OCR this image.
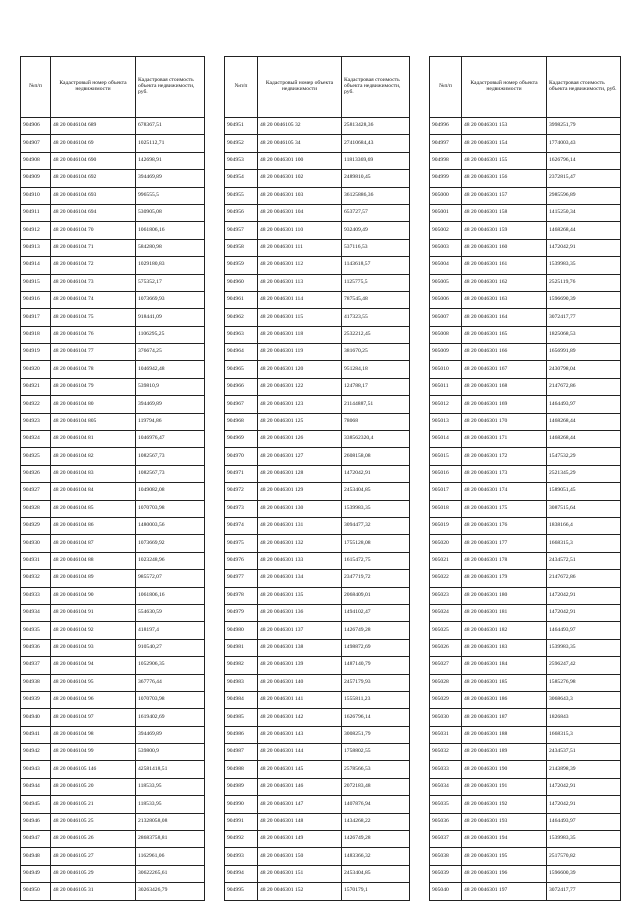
№п/п	Кадастровый номер объекта недвижимости	Кадастровая стоимость объекта недвижимости, руб.
904906	48 20 0046104 689	678367,51
904907	48 20 0046104 69	1025112,71
904908	48 20 0046104 690	142698,91
904909	48 20 0046104 692	394469,89
904910	48 20 0046104 693	996555,5
904911	48 20 0046104 694	530905,08
904912	48 20 0046104 70	1061806,16
904913	48 20 0046104 71	584280,98
904914	48 20 0046104 72	1029180,83
904915	48 20 0046104 73	575352,17
904916	48 20 0046104 74	1073669,93
904917	48 20 0046104 75	918441,09
904918	48 20 0046104 76	1106295,25
904919	48 20 0046104 77	376674,25
904920	48 20 0046104 78	1046942,48
904921	48 20 0046104 79	539810,9
904922	48 20 0046104 80	394469,89
904923	48 20 0046104 805	119794,86
904924	48 20 0046104 81	1046976,47
904925	48 20 0046104 82	1082567,73
904926	48 20 0046104 83	1082567,73
904927	48 20 0046104 84	1049082,08
904928	48 20 0046104 85	1070703,98
904929	48 20 0046104 86	1480003,56
904930	48 20 0046104 87	1073669,92
904931	48 20 0046104 88	1023248,96
904932	48 20 0046104 89	985572,07
904933	48 20 0046104 90	1061806,16
904934	48 20 0046104 91	554630,59
904935	48 20 0046104 92	418197,4
904936	48 20 0046104 93	910540,27
904937	48 20 0046104 94	1052906,35
904938	48 20 0046104 95	367776,44
904939	48 20 0046104 96	1070703,98
904940	48 20 0046104 97	1619402,69
904941	48 20 0046104 98	394469,89
904942	48 20 0046104 99	539800,9
904943	48 20 0046105 146	42581418,51
904944	48 20 0046105 20	118533,95
904945	48 20 0046105 21	118533,95
904946	48 20 0046105 25	21328058,08
904947	48 20 0046105 26	28683758,81
904948	48 20 0046105 27	1162961,06
904949	48 20 0046105 29	30622265,61
904950	48 20 0046105 31	30263426,79
№п/п	Кадастровый номер объекта недвижимости	Кадастровая стоимость объекта недвижимости, руб.
904951	48 20 0046105 32	25813428,36
904952	48 20 0046105 34	27410684,43
904953	48 20 0046301 100	11813369,69
904954	48 20 0046301 102	2489810,45
904955	48 20 0046301 103	36125886,36
904956	48 20 0046301 104	653727,57
904957	48 20 0046301 110	932409,49
904958	48 20 0046301 111	537116,53
904959	48 20 0046301 112	1143618,57
904960	48 20 0046301 113	1125775,5
904961	48 20 0046301 114	787545,48
904962	48 20 0046301 115	417323,55
904963	48 20 0046301 118	2532212,45
904964	48 20 0046301 119	381670,25
904965	48 20 0046301 120	951284,18
904966	48 20 0046301 122	124788,17
904967	48 20 0046301 123	21144887,51
904968	48 20 0046301 125	78068
904969	48 20 0046301 126	338562320,4
904970	48 20 0046301 127	2608158,08
904971	48 20 0046301 128	1472042,91
904972	48 20 0046301 129	2453404,85
904973	48 20 0046301 130	1539983,35
904974	48 20 0046301 131	3094477,32
904975	48 20 0046301 132	1755128,08
904976	48 20 0046301 133	1615472,75
904977	48 20 0046301 134	2347719,72
904978	48 20 0046301 135	2068409,01
904979	48 20 0046301 136	1494102,47
904980	48 20 0046301 137	1426749,28
904981	48 20 0046301 138	1498872,69
904982	48 20 0046301 139	1487140,79
904983	48 20 0046301 140	2457179,93
904984	48 20 0046301 141	1555811,23
904985	48 20 0046301 142	1626796,14
904986	48 20 0046301 143	3008251,79
904987	48 20 0046301 144	1758802,55
904988	48 20 0046301 145	2578566,53
904989	48 20 0046301 146	2072183,48
904990	48 20 0046301 147	1407876,94
904991	48 20 0046301 148	1434268,22
904992	48 20 0046301 149	1426749,28
904993	48 20 0046301 150	1483366,32
904994	48 20 0046301 151	2453404,85
904995	48 20 0046301 152	1570179,1
№п/п	Кадастровый номер объекта недвижимости	Кадастровая стоимость объекта недвижимости, руб.
904996	48 20 0046301 153	3998251,79
904997	48 20 0046301 154	1774003,43
904998	48 20 0046301 155	1626796,14
904999	48 20 0046301 156	2372815,47
905000	48 20 0046301 157	2985596,89
905001	48 20 0046301 158	1415250,34
905002	48 20 0046301 159	1468268,44
905003	48 20 0046301 160	1472042,91
905004	48 20 0046301 161	1539983,35
905005	48 20 0046301 162	2525119,76
905006	48 20 0046301 163	1596690,39
905007	48 20 0046301 164	3072417,77
905008	48 20 0046301 165	1825068,53
905009	48 20 0046301 166	1656991,89
905010	48 20 0046301 167	2430798,04
905011	48 20 0046301 168	2147672,86
905012	48 20 0046301 169	1464493,97
905013	48 20 0046301 170	1468268,44
905014	48 20 0046301 171	1468268,44
905015	48 20 0046301 172	1547532,29
905016	48 20 0046301 173	2521345,29
905017	48 20 0046301 174	1589051,45
905018	48 20 0046301 175	3087515,64
905019	48 20 0046301 176	1838166,4
905020	48 20 0046301 177	1668315,3
905021	48 20 0046301 178	2434572,51
905022	48 20 0046301 179	2147672,86
905023	48 20 0046301 180	1472042,91
905024	48 20 0046301 181	1472042,91
905025	48 20 0046301 182	1464493,97
905026	48 20 0046301 183	1539983,35
905027	48 20 0046301 184	2596247,42
905028	48 20 0046301 185	1585276,98
905029	48 20 0046301 186	3068643,3
905030	48 20 0046301 187	1826843
905031	48 20 0046301 188	1668315,3
905032	48 20 0046301 189	2434537,51
905033	48 20 0046301 190	2143898,39
905034	48 20 0046301 191	1472042,91
905035	48 20 0046301 192	1472042,91
905036	48 20 0046301 193	1464493,97
905037	48 20 0046301 194	1539983,35
905038	48 20 0046301 195	2517570,82
905039	48 20 0046301 196	1596600,39
905040	48 20 0046301 197	3072417,77
